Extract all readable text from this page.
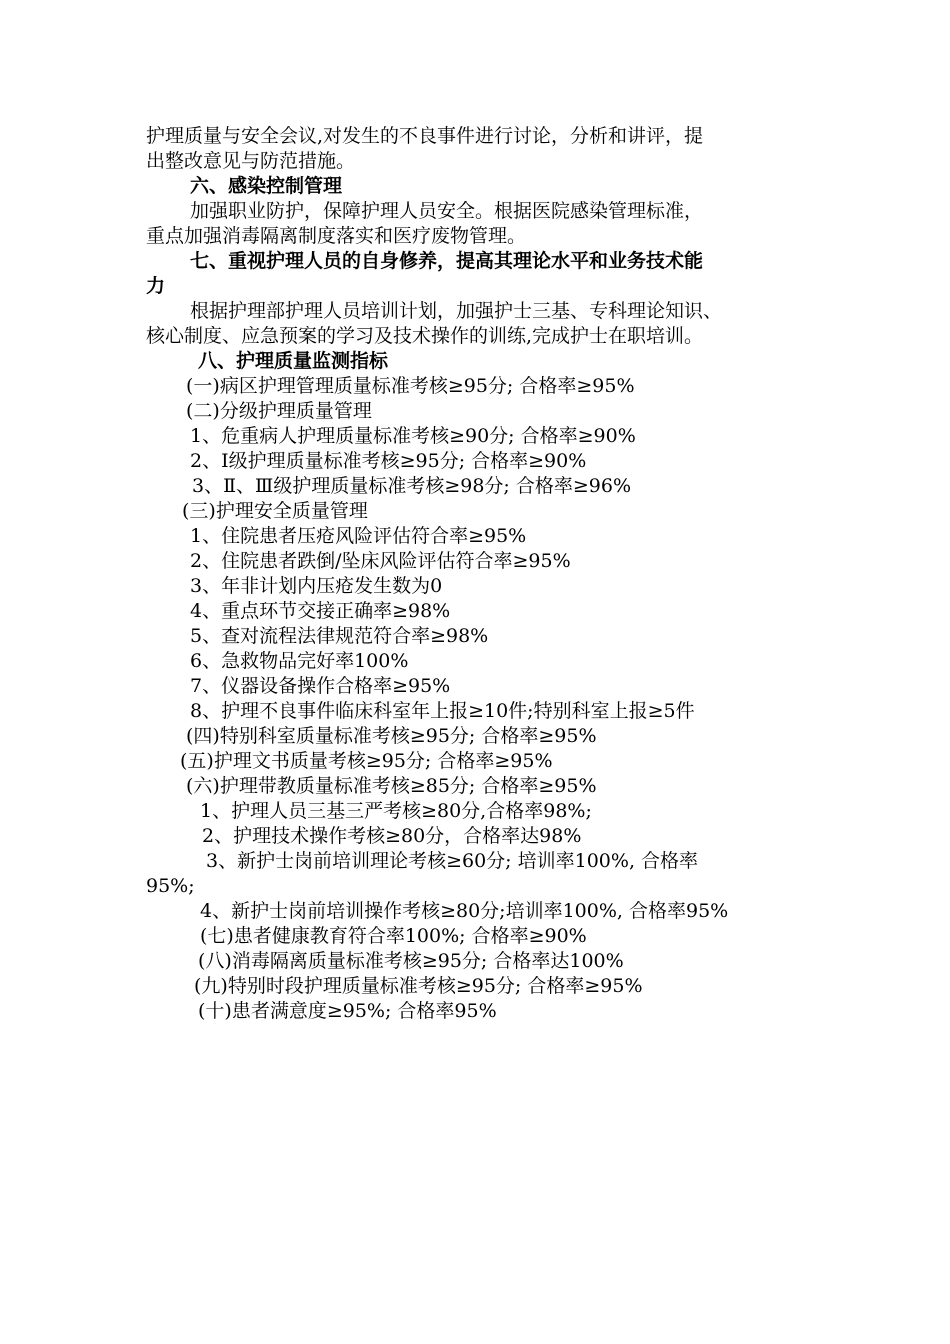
护理质量与安全会议,对发生的不良事件进行讨论，分析和讲评，提
出整改意见与防范措施。
六、感染控制管理
加强职业防护，保障护理人员安全。根据医院感染管理标准，
重点加强消毒隔离制度落实和医疗废物管理。
七、重视护理人员的自身修养，提高其理论水平和业务技术能
力
根据护理部护理人员培训计划，加强护士三基、专科理论知识、
核心制度、应急预案的学习及技术操作的训练,完成护士在职培训。
八、护理质量监测指标
(一)病区护理管理质量标准考核≥95分; 合格率≥95%
(二)分级护理质量管理
1、危重病人护理质量标准考核≥90分; 合格率≥90%
2、Ⅰ级护理质量标准考核≥95分; 合格率≥90%
3、Ⅱ、Ⅲ级护理质量标准考核≥98分; 合格率≥96%
(三)护理安全质量管理
1、住院患者压疮风险评估符合率≥95%
2、住院患者跌倒/坠床风险评估符合率≥95%
3、年非计划内压疮发生数为0
4、重点环节交接正确率≥98%
5、查对流程法律规范符合率≥98%
6、急救物品完好率100%
7、仪器设备操作合格率≥95%
8、护理不良事件临床科室年上报≥10件;特别科室上报≥5件
(四)特别科室质量标准考核≥95分; 合格率≥95%
(五)护理文书质量考核≥95分; 合格率≥95%
(六)护理带教质量标准考核≥85分; 合格率≥95%
1、护理人员三基三严考核≥80分,合格率98%;
2、护理技术操作考核≥80分，合格率达98%
3、新护士岗前培训理论考核≥60分; 培训率100%, 合格率
95%;
4、新护士岗前培训操作考核≥80分;培训率100%, 合格率95%
(七)患者健康教育符合率100%; 合格率≥90%
(八)消毒隔离质量标准考核≥95分; 合格率达100%
(九)特别时段护理质量标准考核≥95分; 合格率≥95%
(十)患者满意度≥95%; 合格率95%
